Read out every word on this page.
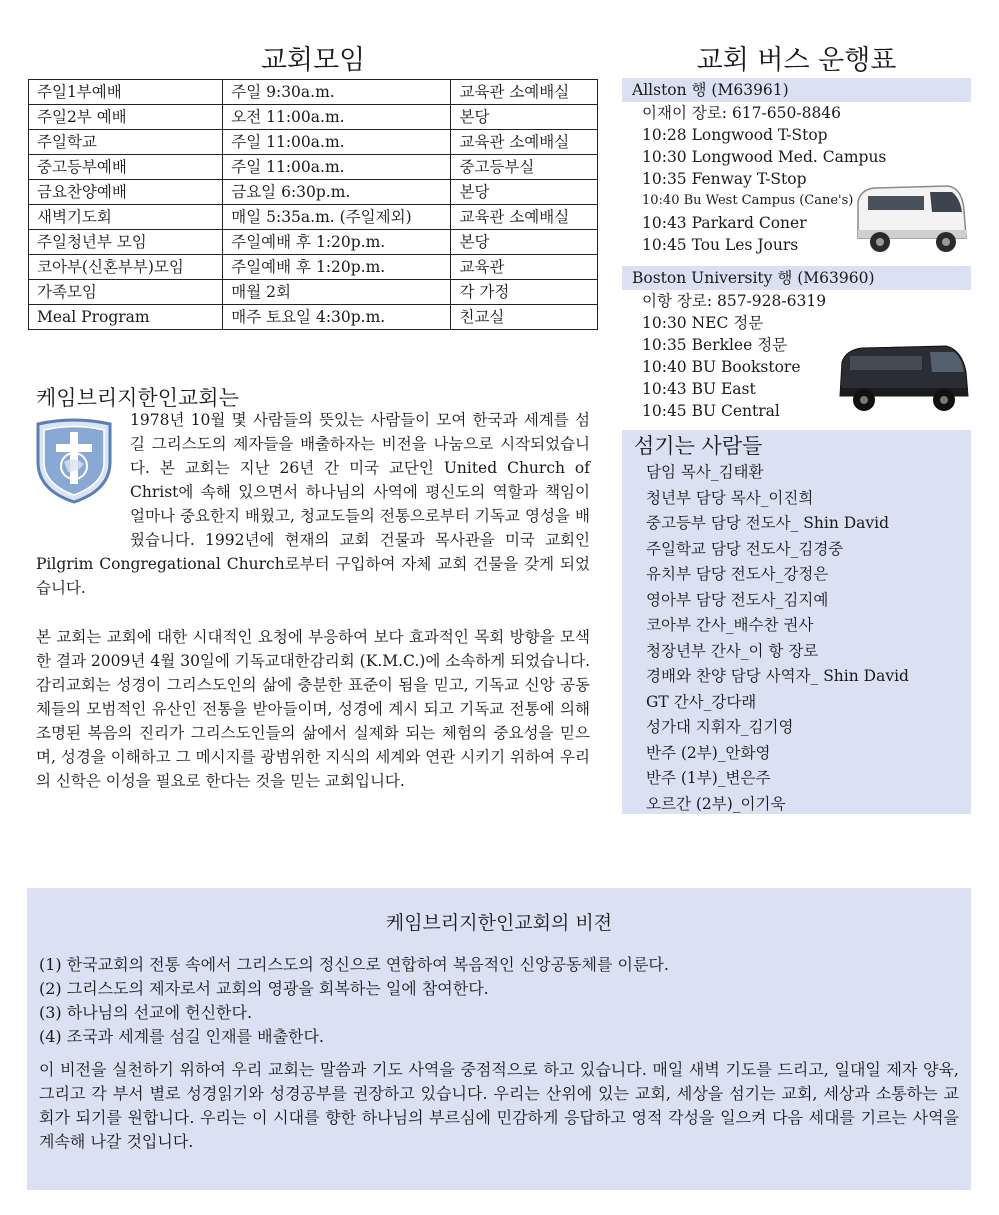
교회모임
주일1부예배	주일 9:30a.m.	교육관 소예배실
주일2부 예배	오전 11:00a.m.	본당
주일학교	주일 11:00a.m.	교육관 소예배실
중고등부예배	주일 11:00a.m.	중고등부실
금요찬양예배	금요일 6:30p.m.	본당
새벽기도회	매일 5:35a.m. (주일제외)	교육관 소예배실
주일청년부 모임	주일예배 후 1:20p.m.	본당
코아부(신혼부부)모임	주일예배 후 1:20p.m.	교육관
가족모임	매월 2회	각 가정
Meal Program	매주 토요일 4:30p.m.	친교실
케임브리지한인교회는

1978년 10월 몇 사람들의 뜻있는 사람들이 모여 한국과 세계를 섬길 그리스도의 제자들을 배출하자는 비전을 나눔으로 시작되었습니다. 본 교회는 지난 26년 간 미국 교단인 United Church of Christ에 속해 있으면서 하나님의 사역에 평신도의 역할과 책임이 얼마나 중요한지 배웠고, 청교도들의 전통으로부터 기독교 영성을 배웠습니다. 1992년에 현재의 교회 건물과 목사관을 미국 교회인 Pilgrim Congregational Church로부터 구입하여 자체 교회 건물을 갖게 되었습니다.

본 교회는 교회에 대한 시대적인 요청에 부응하여 보다 효과적인 목회 방향을 모색한 결과 2009년 4월 30일에 기독교대한감리회 (K.M.C.)에 소속하게 되었습니다. 감리교회는 성경이 그리스도인의 삶에 충분한 표준이 됨을 믿고, 기독교 신앙 공동체들의 모범적인 유산인 전통을 받아들이며, 성경에 계시 되고 기독교 전통에 의해 조명된 복음의 진리가 그리스도인들의 삶에서 실제화 되는 체험의 중요성을 믿으며, 성경을 이해하고 그 메시지를 광범위한 지식의 세계와 연관 시키기 위하여 우리의 신학은 이성을 필요로 한다는 것을 믿는 교회입니다.

교회 버스 운행표
Allston 행 (M63961)
이재이 장로: 617-650-8846
10:28 Longwood T-Stop
10:30 Longwood Med. Campus
10:35 Fenway T-Stop
10:40 Bu West Campus (Cane's)
10:43 Parkard Coner
10:45 Tou Les Jours
Boston University 행 (M63960)
이항 장로: 857-928-6319
10:30 NEC 정문
10:35 Berklee 정문
10:40 BU Bookstore
10:43 BU East
10:45 BU Central
섬기는 사람들
담임 목사_김태환
청년부 담당 목사_이진희
중고등부 담당 전도사_ Shin David
주일학교 담당 전도사_김경중
유치부 담당 전도사_강정은
영아부 담당 전도사_김지예
코아부 간사_배수찬 권사
청장년부 간사_이 항 장로
경배와 찬양 담당 사역자_ Shin David
GT 간사_강다래
성가대 지휘자_김기영
반주 (2부)_안화영
반주 (1부)_변은주
오르간 (2부)_이기욱
케임브리지한인교회의 비젼
(1) 한국교회의 전통 속에서 그리스도의 정신으로 연합하여 복음적인 신앙공동체를 이룬다.
(2) 그리스도의 제자로서 교회의 영광을 회복하는 일에 참여한다.
(3) 하나님의 선교에 헌신한다.
(4) 조국과 세계를 섬길 인재를 배출한다.
이 비전을 실천하기 위하여 우리 교회는 말씀과 기도 사역을 중점적으로 하고 있습니다. 매일 새벽 기도를 드리고, 일대일 제자 양육, 그리고 각 부서 별로 성경읽기와 성경공부를 권장하고 있습니다. 우리는 산위에 있는 교회, 세상을 섬기는 교회, 세상과 소통하는 교회가 되기를 원합니다. 우리는 이 시대를 향한 하나님의 부르심에 민감하게 응답하고 영적 각성을 일으켜 다음 세대를 기르는 사역을 계속해 나갈 것입니다.
